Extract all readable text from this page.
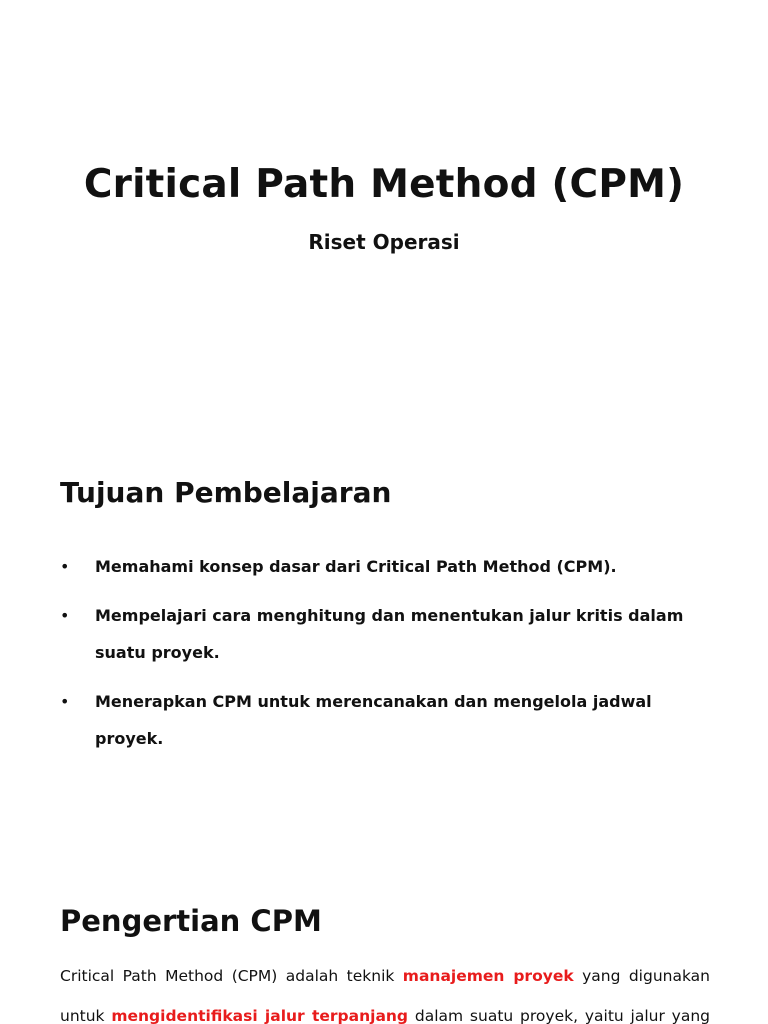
Critical Path Method (CPM)
Riset Operasi
Tujuan Pembelajaran
• Memahami konsep dasar dari Critical Path Method (CPM).
• Mempelajari cara menghitung dan menentukan jalur kritis dalam suatu proyek.
• Menerapkan CPM untuk merencanakan dan mengelola jadwal proyek.
Pengertian CPM
Critical Path Method (CPM) adalah teknik manajemen proyek yang digunakan
untuk mengidentifikasi jalur terpanjang dalam suatu proyek, yaitu jalur yang
